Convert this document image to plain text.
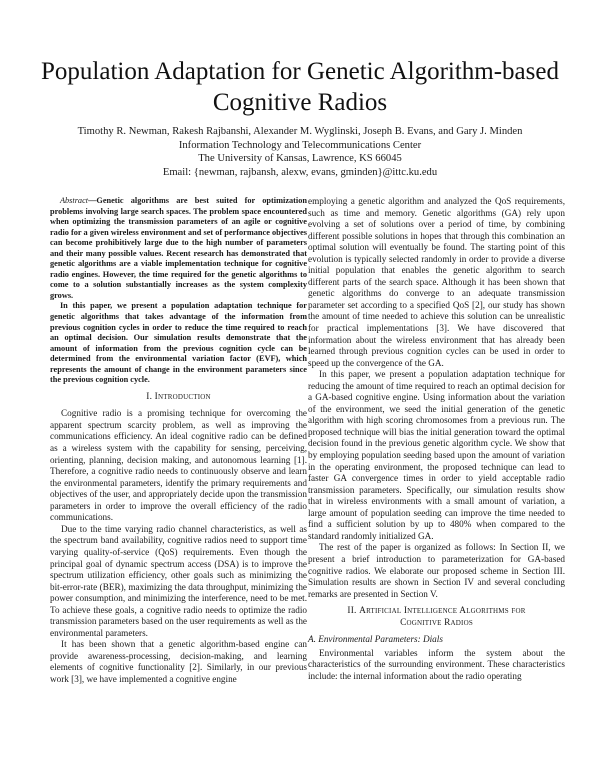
Population Adaptation for Genetic Algorithm-based Cognitive Radios
Timothy R. Newman, Rakesh Rajbanshi, Alexander M. Wyglinski, Joseph B. Evans, and Gary J. Minden
Information Technology and Telecommunications Center
The University of Kansas, Lawrence, KS 66045
Email: {newman, rajbansh, alexw, evans, gminden}@ittc.ku.edu

Abstract—Genetic algorithms are best suited for optimization problems involving large search spaces. The problem space encountered when optimizing the transmission parameters of an agile or cognitive radio for a given wireless environment and set of performance objectives can become prohibitively large due to the high number of parameters and their many possible values. Recent research has demonstrated that genetic algorithms are a viable implementation technique for cognitive radio engines. However, the time required for the genetic algorithms to come to a solution substantially increases as the system complexity grows.

In this paper, we present a population adaptation technique for genetic algorithms that takes advantage of the information from previous cognition cycles in order to reduce the time required to reach an optimal decision. Our simulation results demonstrate that the amount of information from the previous cognition cycle can be determined from the environmental variation factor (EVF), which represents the amount of change in the environment parameters since the previous cognition cycle.

I. Introduction

Cognitive radio is a promising technique for overcoming the apparent spectrum scarcity problem, as well as improving the communications efficiency. An ideal cognitive radio can be defined as a wireless system with the capability for sensing, perceiving, orienting, planning, decision making, and autonomous learning [1]. Therefore, a cognitive radio needs to continuously observe and learn the environmental parameters, identify the primary requirements and objectives of the user, and appropriately decide upon the transmission parameters in order to improve the overall efficiency of the radio communications.

Due to the time varying radio channel characteristics, as well as the spectrum band availability, cognitive radios need to support time varying quality-of-service (QoS) requirements. Even though the principal goal of dynamic spectrum access (DSA) is to improve the spectrum utilization efficiency, other goals such as minimizing the bit-error-rate (BER), maximizing the data throughput, minimizing the power consumption, and minimizing the interference, need to be met. To achieve these goals, a cognitive radio needs to optimize the radio transmission parameters based on the user requirements as well as the environmental parameters.

It has been shown that a genetic algorithm-based engine can provide awareness-processing, decision-making, and learning elements of cognitive functionality [2]. Similarly, in our previous work [3], we have implemented a cognitive engine

employing a genetic algorithm and analyzed the QoS requirements, such as time and memory. Genetic algorithms (GA) rely upon evolving a set of solutions over a period of time, by combining different possible solutions in hopes that through this combination an optimal solution will eventually be found. The starting point of this evolution is typically selected randomly in order to provide a diverse initial population that enables the genetic algorithm to search different parts of the search space. Although it has been shown that genetic algorithms do converge to an adequate transmission parameter set according to a specified QoS [2], our study has shown the amount of time needed to achieve this solution can be unrealistic for practical implementations [3]. We have discovered that information about the wireless environment that has already been learned through previous cognition cycles can be used in order to speed up the convergence of the GA.

In this paper, we present a population adaptation technique for reducing the amount of time required to reach an optimal decision for a GA-based cognitive engine. Using information about the variation of the environment, we seed the initial generation of the genetic algorithm with high scoring chromosomes from a previous run. The proposed technique will bias the initial generation toward the optimal decision found in the previous genetic algorithm cycle. We show that by employing population seeding based upon the amount of variation in the operating environment, the proposed technique can lead to faster GA convergence times in order to yield acceptable radio transmission parameters. Specifically, our simulation results show that in wireless environments with a small amount of variation, a large amount of population seeding can improve the time needed to find a sufficient solution by up to 480% when compared to the standard randomly initialized GA.

The rest of the paper is organized as follows: In Section II, we present a brief introduction to parameterization for GA-based cognitive radios. We elaborate our proposed scheme in Section III. Simulation results are shown in Section IV and several concluding remarks are presented in Section V.

II. Artificial Intelligence Algorithms for
Cognitive Radios
A. Environmental Parameters: Dials

Environmental variables inform the system about the characteristics of the surrounding environment. These characteristics include: the internal information about the radio operating
